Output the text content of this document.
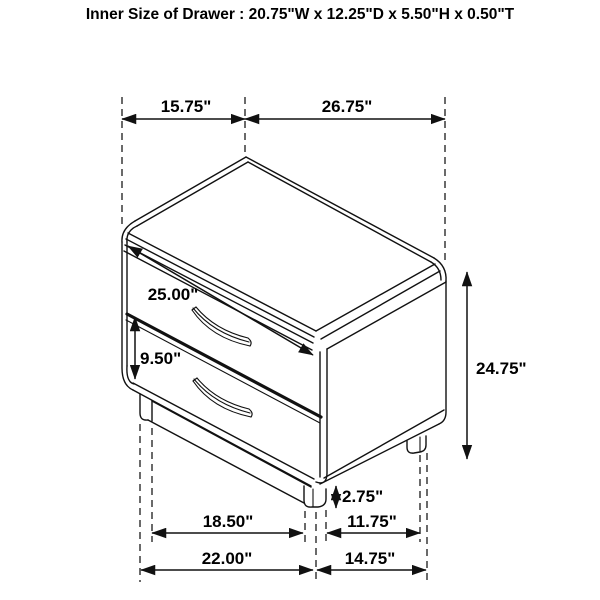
Inner Size of Drawer : 20.75"W x 12.25"D x 5.50"H x 0.50"T
15.75"	26.75"
25.00"
9.50"
24.75"
2.75"
18.50"	11.75"
22.00"	14.75"
